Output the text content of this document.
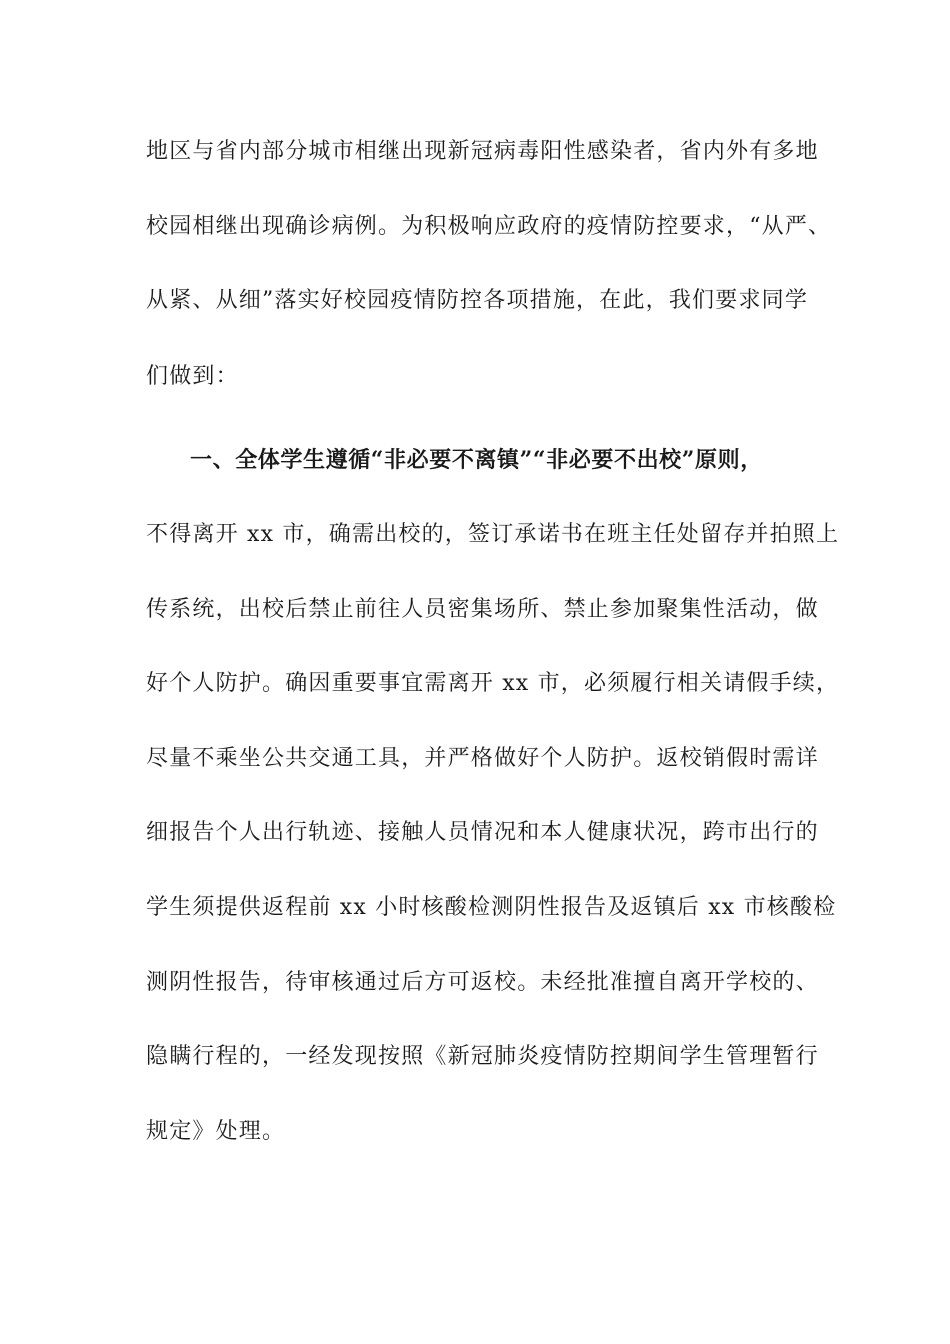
地区与省内部分城市相继出现新冠病毒阳性感染者，省内外有多地
校园相继出现确诊病例。为积极响应政府的疫情防控要求，“从严、
从紧、从细”落实好校园疫情防控各项措施，在此，我们要求同学
们做到：
一、全体学生遵循“非必要不离镇”“非必要不出校”原则，
不得离开 xx 市，确需出校的，签订承诺书在班主任处留存并拍照上
传系统，出校后禁止前往人员密集场所、禁止参加聚集性活动，做
好个人防护。确因重要事宜需离开 xx 市，必须履行相关请假手续，
尽量不乘坐公共交通工具，并严格做好个人防护。返校销假时需详
细报告个人出行轨迹、接触人员情况和本人健康状况，跨市出行的
学生须提供返程前 xx 小时核酸检测阴性报告及返镇后 xx 市核酸检
测阴性报告，待审核通过后方可返校。未经批准擅自离开学校的、
隐瞒行程的，一经发现按照《新冠肺炎疫情防控期间学生管理暂行
规定》处理。
